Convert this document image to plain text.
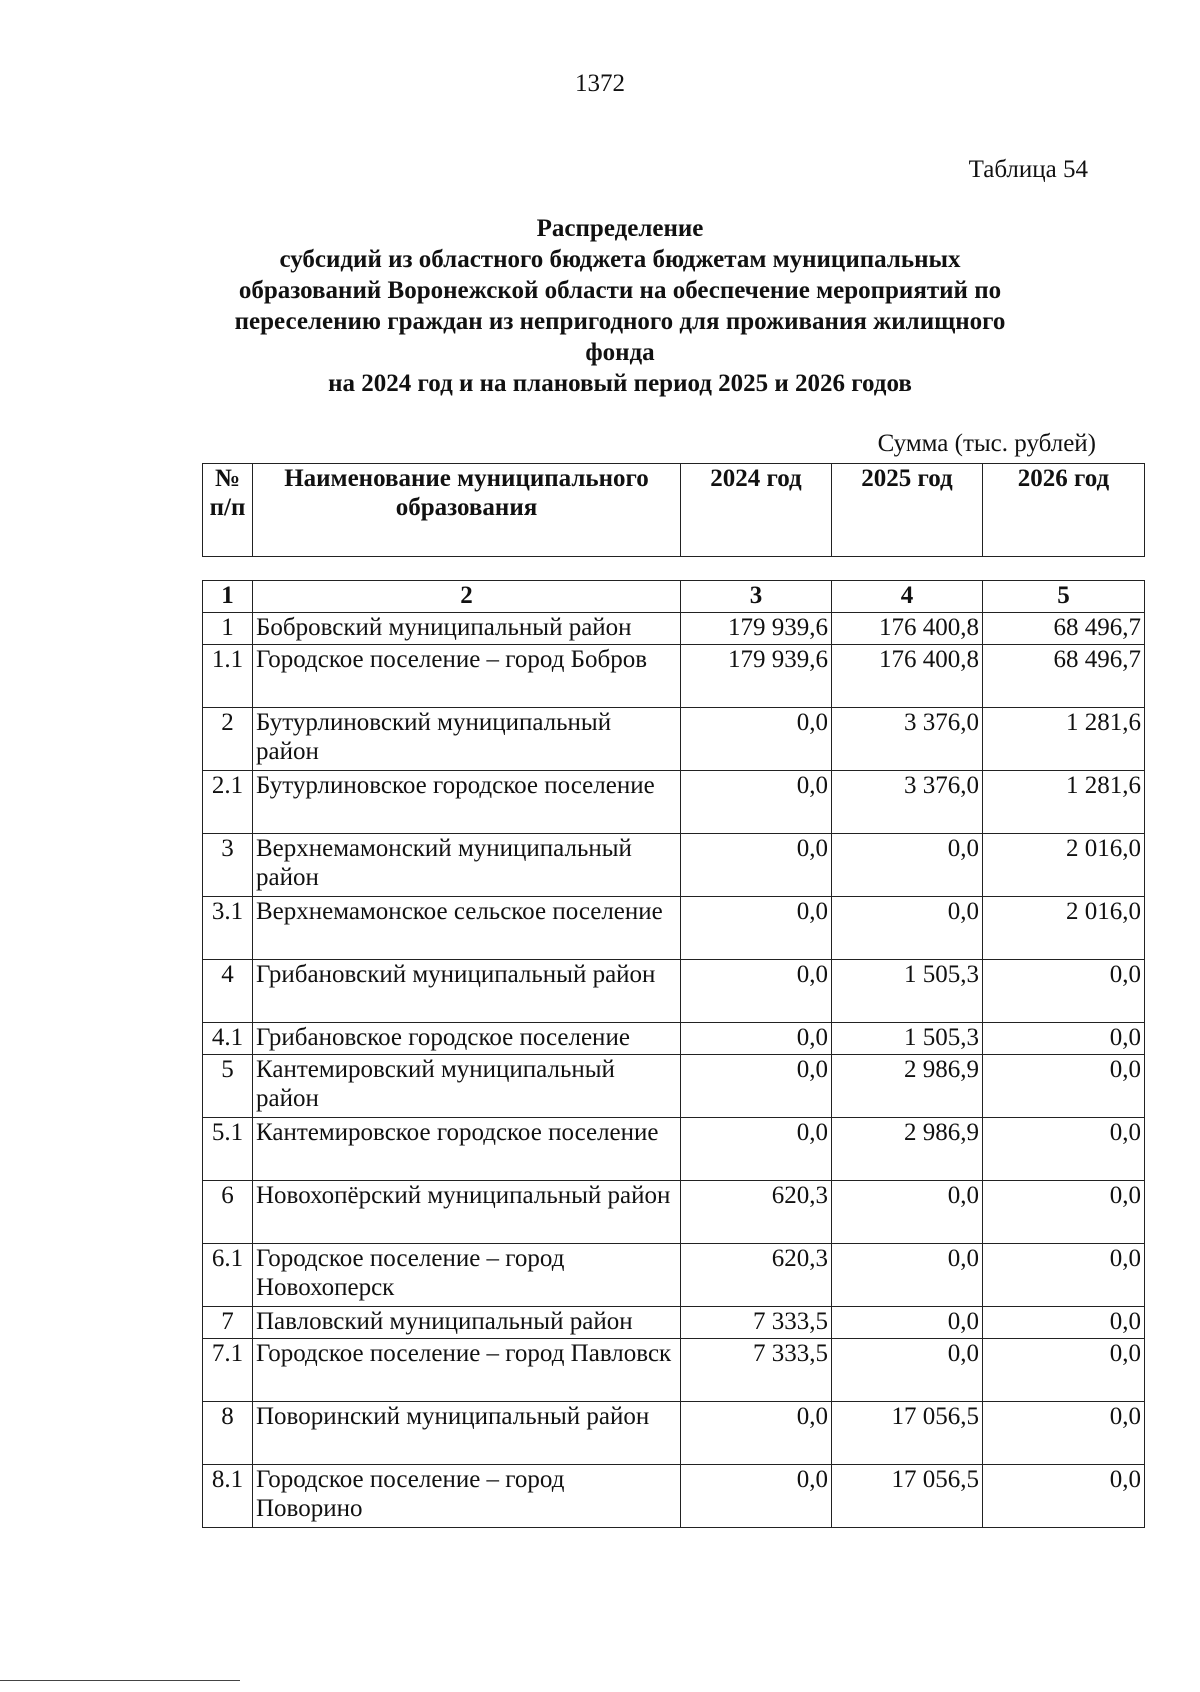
1372
Таблица 54
Распределение
субсидий из областного бюджета бюджетам муниципальных
образований Воронежской области на обеспечение мероприятий по
переселению граждан из непригодного для проживания жилищного
фонда
на 2024 год и на плановый период 2025 и 2026 годов
Сумма (тыс. рублей)
№ п/п	Наименование муниципального образования	2024 год	2025 год	2026 год
1	2	3	4	5
1	Бобровский муниципальный район	179 939,6	176 400,8	68 496,7
1.1	Городское поселение – город Бобров	179 939,6	176 400,8	68 496,7
2	Бутурлиновский муниципальный район	0,0	3 376,0	1 281,6
2.1	Бутурлиновское городское поселение	0,0	3 376,0	1 281,6
3	Верхнемамонский муниципальный район	0,0	0,0	2 016,0
3.1	Верхнемамонское сельское поселение	0,0	0,0	2 016,0
4	Грибановский муниципальный район	0,0	1 505,3	0,0
4.1	Грибановское городское поселение	0,0	1 505,3	0,0
5	Кантемировский муниципальный район	0,0	2 986,9	0,0
5.1	Кантемировское городское поселение	0,0	2 986,9	0,0
6	Новохопёрский муниципальный район	620,3	0,0	0,0
6.1	Городское поселение – город Новохоперск	620,3	0,0	0,0
7	Павловский муниципальный район	7 333,5	0,0	0,0
7.1	Городское поселение – город Павловск	7 333,5	0,0	0,0
8	Поворинский муниципальный район	0,0	17 056,5	0,0
8.1	Городское поселение – город Поворино	0,0	17 056,5	0,0
